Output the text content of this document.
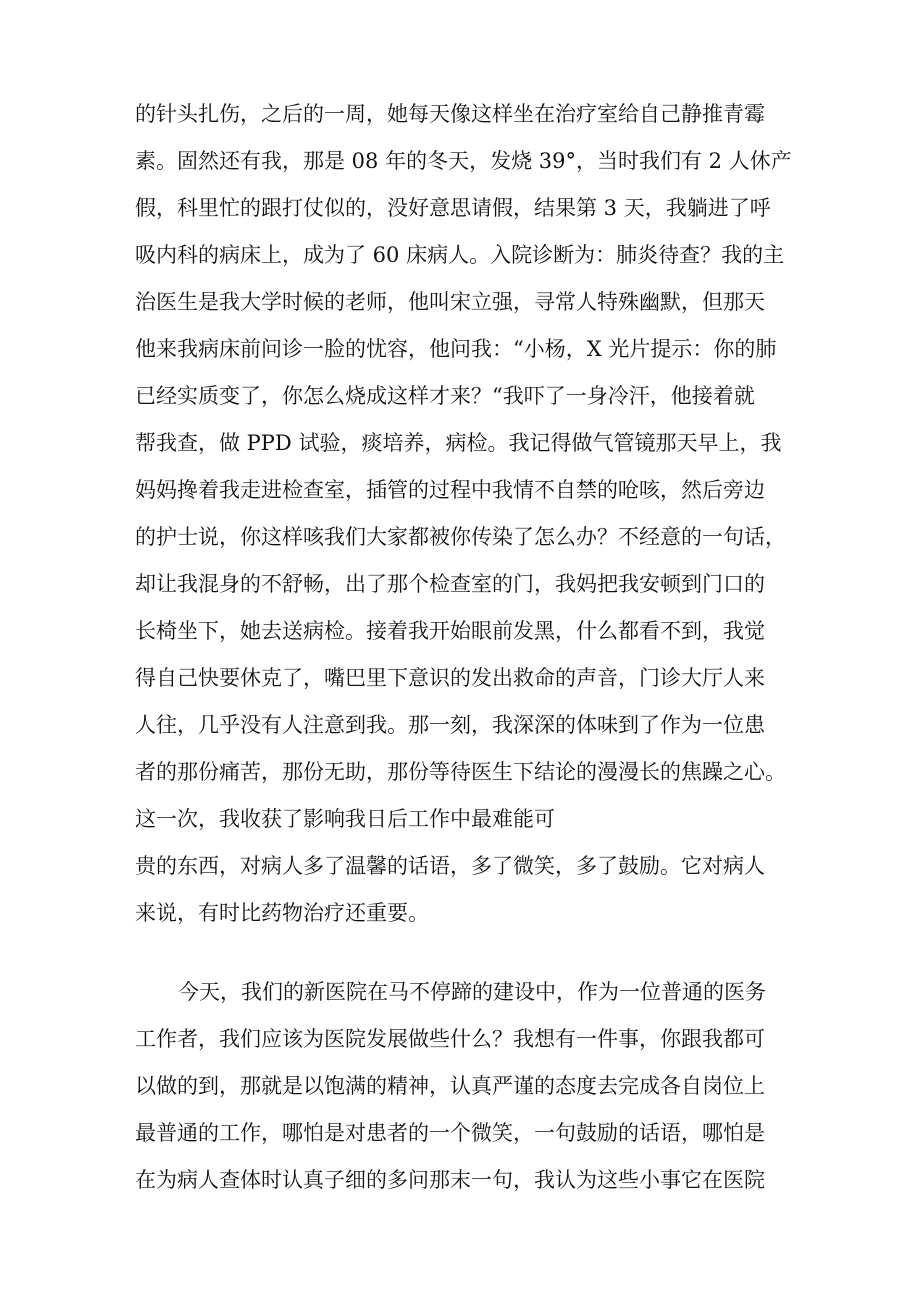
的针头扎伤，之后的一周，她每天像这样坐在治疗室给自己静推青霉

素。固然还有我，那是 08 年的冬天，发烧 39°，当时我们有 2 人休产

假，科里忙的跟打仗似的，没好意思请假，结果第 3 天，我躺进了呼

吸内科的病床上，成为了 60 床病人。入院诊断为：肺炎待查？我的主

治医生是我大学时候的老师，他叫宋立强，寻常人特殊幽默，但那天

他来我病床前问诊一脸的忧容，他问我：“小杨，X 光片提示：你的肺

已经实质变了，你怎么烧成这样才来？“我吓了一身冷汗，他接着就

帮我查，做 PPD 试验，痰培养，病检。我记得做气管镜那天早上，我

妈妈搀着我走进检查室，插管的过程中我情不自禁的呛咳，然后旁边

的护士说，你这样咳我们大家都被你传染了怎么办？不经意的一句话，

却让我混身的不舒畅，出了那个检查室的门，我妈把我安顿到门口的

长椅坐下，她去送病检。接着我开始眼前发黑，什么都看不到，我觉

得自己快要休克了，嘴巴里下意识的发出救命的声音，门诊大厅人来

人往，几乎没有人注意到我。那一刻，我深深的体味到了作为一位患

者的那份痛苦，那份无助，那份等待医生下结论的漫漫长的焦躁之心。

这一次，我收获了影响我日后工作中最难能可

贵的东西，对病人多了温馨的话语，多了微笑，多了鼓励。它对病人

来说，有时比药物治疗还重要。

今天，我们的新医院在马不停蹄的建设中，作为一位普通的医务

工作者，我们应该为医院发展做些什么？我想有一件事，你跟我都可

以做的到，那就是以饱满的精神，认真严谨的态度去完成各自岗位上

最普通的工作，哪怕是对患者的一个微笑，一句鼓励的话语，哪怕是

在为病人查体时认真子细的多问那末一句，我认为这些小事它在医院
